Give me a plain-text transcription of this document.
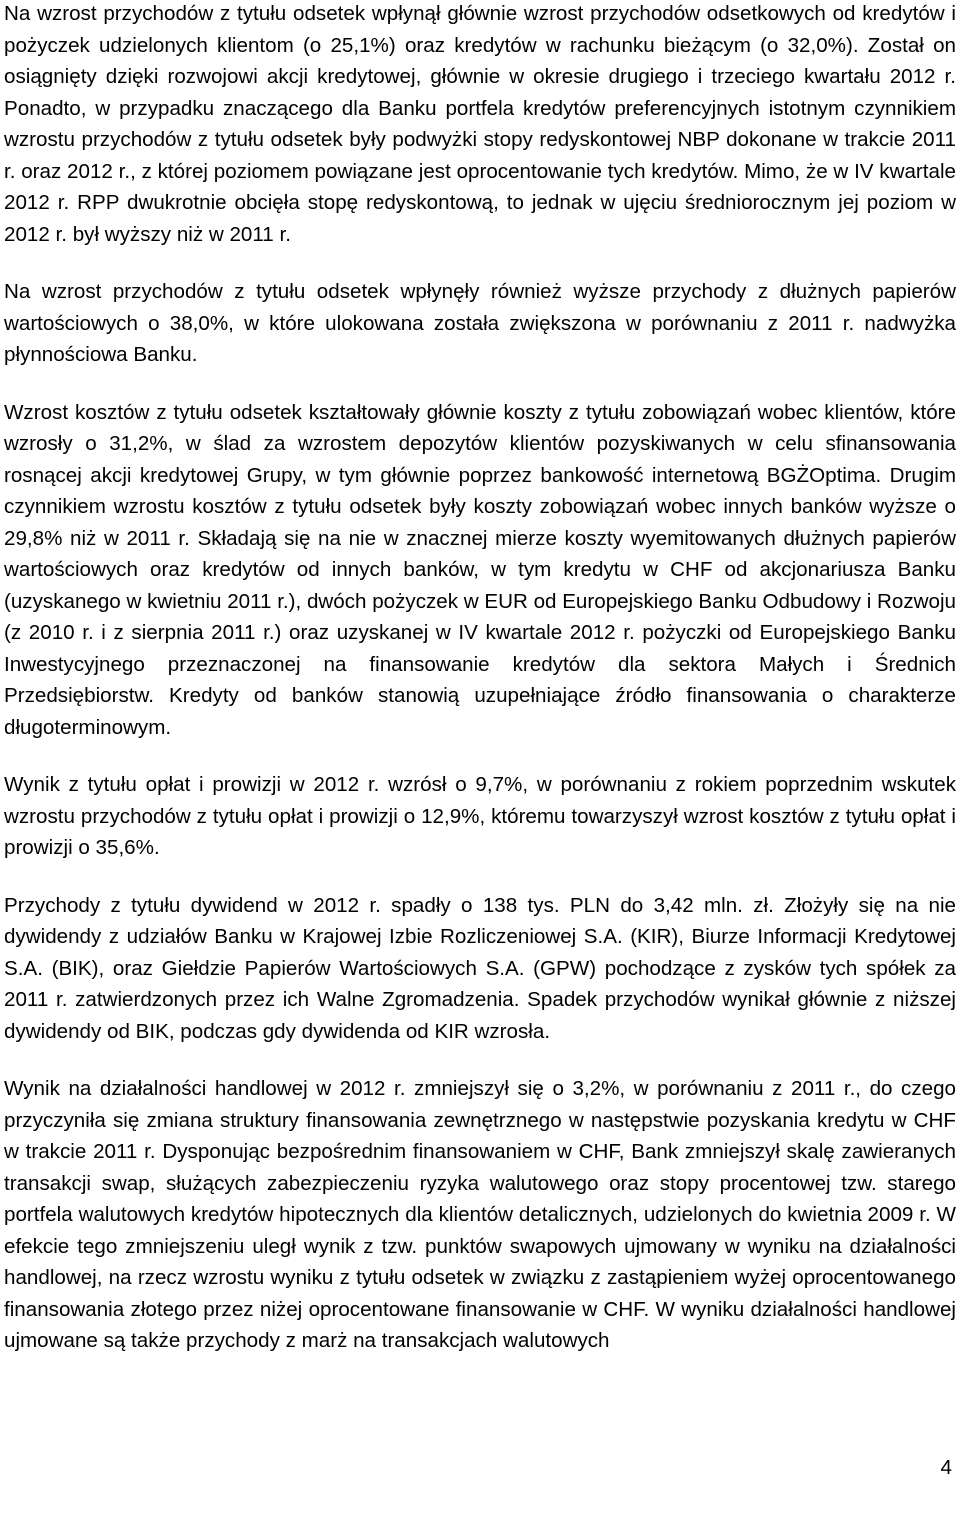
Na wzrost przychodów z tytułu odsetek wpłynął głównie wzrost przychodów odsetkowych od kredytów i pożyczek udzielonych klientom (o 25,1%) oraz kredytów w rachunku bieżącym (o 32,0%). Został on osiągnięty dzięki rozwojowi akcji kredytowej, głównie w okresie drugiego i trzeciego kwartału 2012 r. Ponadto, w przypadku znaczącego dla Banku portfela kredytów preferencyjnych istotnym czynnikiem wzrostu przychodów z tytułu odsetek były podwyżki stopy redyskontowej NBP dokonane w trakcie 2011 r. oraz 2012 r., z której poziomem powiązane jest oprocentowanie tych kredytów. Mimo, że w IV kwartale 2012 r. RPP dwukrotnie obcięła stopę redyskontową, to jednak w ujęciu średniorocznym jej poziom w 2012 r. był wyższy niż w 2011 r.

Na wzrost przychodów z tytułu odsetek wpłynęły również wyższe przychody z dłużnych papierów wartościowych o 38,0%, w które ulokowana została zwiększona w porównaniu z 2011 r. nadwyżka płynnościowa Banku.

Wzrost kosztów z tytułu odsetek kształtowały głównie koszty z tytułu zobowiązań wobec klientów, które wzrosły o 31,2%, w ślad za wzrostem depozytów klientów pozyskiwanych w celu sfinansowania rosnącej akcji kredytowej Grupy, w tym głównie poprzez bankowość internetową BGŻOptima. Drugim czynnikiem wzrostu kosztów z tytułu odsetek były koszty zobowiązań wobec innych banków wyższe o 29,8% niż w 2011 r. Składają się na nie w znacznej mierze koszty wyemitowanych dłużnych papierów wartościowych oraz kredytów od innych banków, w tym kredytu w CHF od akcjonariusza Banku (uzyskanego w kwietniu 2011 r.), dwóch pożyczek w EUR od Europejskiego Banku Odbudowy i Rozwoju (z 2010 r. i z sierpnia 2011 r.) oraz uzyskanej w IV kwartale 2012 r. pożyczki od Europejskiego Banku Inwestycyjnego przeznaczonej na finansowanie kredytów dla sektora Małych i Średnich Przedsiębiorstw. Kredyty od banków stanowią uzupełniające źródło finansowania o charakterze długoterminowym.

Wynik z tytułu opłat i prowizji w 2012 r. wzrósł o 9,7%, w porównaniu z rokiem poprzednim wskutek wzrostu przychodów z tytułu opłat i prowizji o 12,9%, któremu towarzyszył wzrost kosztów z tytułu opłat i prowizji o 35,6%.

Przychody z tytułu dywidend w 2012 r. spadły o 138 tys. PLN do 3,42 mln. zł. Złożyły się na nie dywidendy z udziałów Banku w Krajowej Izbie Rozliczeniowej S.A. (KIR), Biurze Informacji Kredytowej S.A. (BIK), oraz Giełdzie Papierów Wartościowych S.A. (GPW) pochodzące z zysków tych spółek za 2011 r. zatwierdzonych przez ich Walne Zgromadzenia. Spadek przychodów wynikał głównie z niższej dywidendy od BIK, podczas gdy dywidenda od KIR wzrosła.

Wynik na działalności handlowej w 2012 r. zmniejszył się o 3,2%, w porównaniu z 2011 r., do czego przyczyniła się zmiana struktury finansowania zewnętrznego w następstwie pozyskania kredytu w CHF w trakcie 2011 r. Dysponując bezpośrednim finansowaniem w CHF, Bank zmniejszył skalę zawieranych transakcji swap, służących zabezpieczeniu ryzyka walutowego oraz stopy procentowej tzw. starego portfela walutowych kredytów hipotecznych dla klientów detalicznych, udzielonych do kwietnia 2009 r. W efekcie tego zmniejszeniu uległ wynik z tzw. punktów swapowych ujmowany w wyniku na działalności handlowej, na rzecz wzrostu wyniku z tytułu odsetek w związku z zastąpieniem wyżej oprocentowanego finansowania złotego przez niżej oprocentowane finansowanie w CHF. W wyniku działalności handlowej ujmowane są także przychody z marż na transakcjach walutowych

4
